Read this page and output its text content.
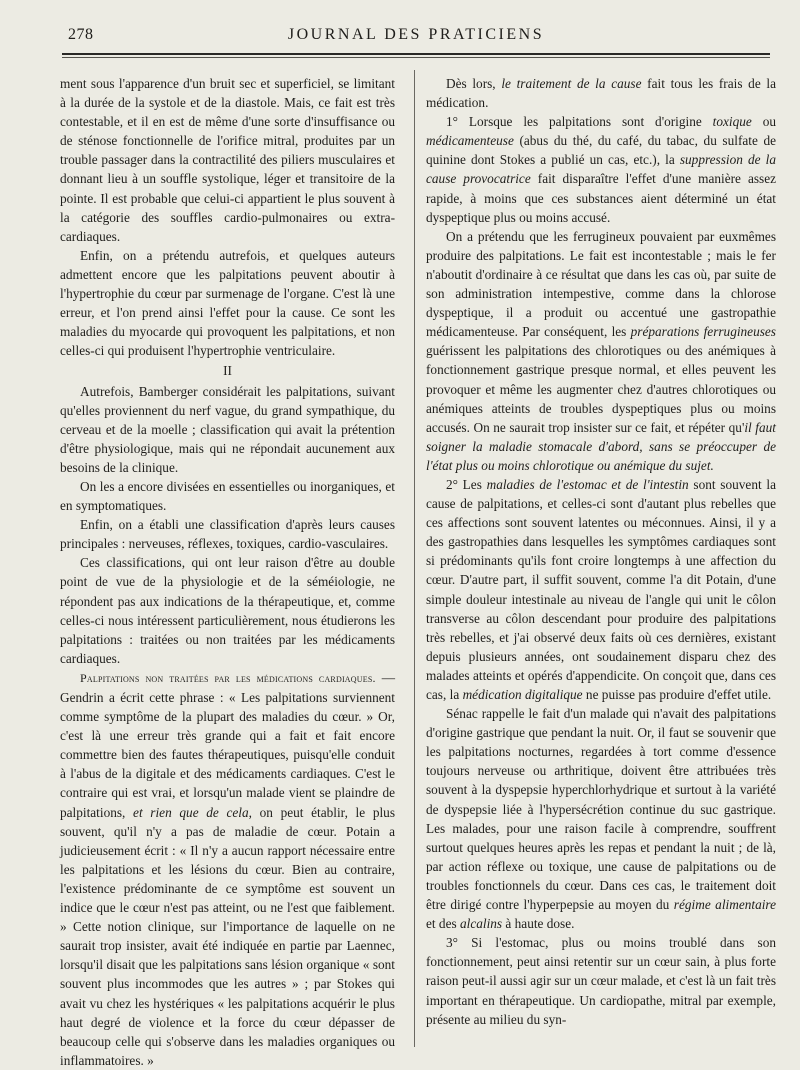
278	JOURNAL DES PRATICIENS

ment sous l'apparence d'un bruit sec et superficiel, se limitant à la durée de la systole et de la diastole. Mais, ce fait est très contestable, et il en est de même d'une sorte d'insuffisance ou de sténose fonctionnelle de l'orifice mitral, produites par un trouble passager dans la contractilité des piliers musculaires et donnant lieu à un souffle systolique, léger et transitoire de la pointe. Il est probable que celui-ci appartient le plus souvent à la catégorie des souffles cardio-pulmonaires ou extra-cardiaques.

Enfin, on a prétendu autrefois, et quelques auteurs admettent encore que les palpitations peuvent aboutir à l'hypertrophie du cœur par surmenage de l'organe. C'est là une erreur, et l'on prend ainsi l'effet pour la cause. Ce sont les maladies du myocarde qui provoquent les palpitations, et non celles-ci qui produisent l'hypertrophie ventriculaire.

II

Autrefois, Bamberger considérait les palpitations, suivant qu'elles proviennent du nerf vague, du grand sympathique, du cerveau et de la moelle ; classification qui avait la prétention d'être physiologique, mais qui ne répondait aucunement aux besoins de la clinique.

On les a encore divisées en essentielles ou inorganiques, et en symptomatiques.

Enfin, on a établi une classification d'après leurs causes principales : nerveuses, réflexes, toxiques, cardio-vasculaires.

Ces classifications, qui ont leur raison d'être au double point de vue de la physiologie et de la séméiologie, ne répondent pas aux indications de la thérapeutique, et, comme celles-ci nous intéressent particulièrement, nous étudierons les palpitations : traitées ou non traitées par les médicaments cardiaques.

Palpitations non traitées par les médications cardiaques. — Gendrin a écrit cette phrase : « Les palpitations surviennent comme symptôme de la plupart des maladies du cœur. » Or, c'est là une erreur très grande qui a fait et fait encore commettre bien des fautes thérapeutiques, puisqu'elle conduit à l'abus de la digitale et des médicaments cardiaques. C'est le contraire qui est vrai, et lorsqu'un malade vient se plaindre de palpitations, et rien que de cela, on peut établir, le plus souvent, qu'il n'y a pas de maladie de cœur. Potain a judicieusement écrit : « Il n'y a aucun rapport nécessaire entre les palpitations et les lésions du cœur. Bien au contraire, l'existence prédominante de ce symptôme est souvent un indice que le cœur n'est pas atteint, ou ne l'est que faiblement. » Cette notion clinique, sur l'importance de laquelle on ne saurait trop insister, avait été indiquée en partie par Laennec, lorsqu'il disait que les palpitations sans lésion organique « sont souvent plus incommodes que les autres » ; par Stokes qui avait vu chez les hystériques « les palpitations acquérir le plus haut degré de violence et la force du cœur dépasser de beaucoup celle qui s'observe dans les maladies organiques ou inflammatoires. »

Dès lors, le traitement de la cause fait tous les frais de la médication.

1° Lorsque les palpitations sont d'origine toxique ou médicamenteuse (abus du thé, du café, du tabac, du sulfate de quinine dont Stokes a publié un cas, etc.), la suppression de la cause provocatrice fait disparaître l'effet d'une manière assez rapide, à moins que ces substances aient déterminé un état dyspeptique plus ou moins accusé.

On a prétendu que les ferrugineux pouvaient par euxmêmes produire des palpitations. Le fait est incontestable ; mais le fer n'aboutit d'ordinaire à ce résultat que dans les cas où, par suite de son administration intempestive, comme dans la chlorose dyspeptique, il a produit ou accentué une gastropathie médicamenteuse. Par conséquent, les préparations ferrugineuses guérissent les palpitations des chlorotiques ou des anémiques à fonctionnement gastrique presque normal, et elles peuvent les provoquer et même les augmenter chez d'autres chlorotiques ou anémiques atteints de troubles dyspeptiques plus ou moins accusés. On ne saurait trop insister sur ce fait, et répéter qu'il faut soigner la maladie stomacale d'abord, sans se préoccuper de l'état plus ou moins chlorotique ou anémique du sujet.

2° Les maladies de l'estomac et de l'intestin sont souvent la cause de palpitations, et celles-ci sont d'autant plus rebelles que ces affections sont souvent latentes ou méconnues. Ainsi, il y a des gastropathies dans lesquelles les symptômes cardiaques sont si prédominants qu'ils font croire longtemps à une affection du cœur. D'autre part, il suffit souvent, comme l'a dit Potain, d'une simple douleur intestinale au niveau de l'angle qui unit le côlon transverse au côlon descendant pour produire des palpitations très rebelles, et j'ai observé deux faits où ces dernières, existant depuis plusieurs années, ont soudainement disparu chez des malades atteints et opérés d'appendicite. On conçoit que, dans ces cas, la médication digitalique ne puisse pas produire d'effet utile.

Sénac rappelle le fait d'un malade qui n'avait des palpitations d'origine gastrique que pendant la nuit. Or, il faut se souvenir que les palpitations nocturnes, regardées à tort comme d'essence toujours nerveuse ou arthritique, doivent être attribuées très souvent à la dyspepsie hyperchlorhydrique et surtout à la variété de dyspepsie liée à l'hypersécrétion continue du suc gastrique. Les malades, pour une raison facile à comprendre, souffrent surtout quelques heures après les repas et pendant la nuit ; de là, par action réflexe ou toxique, une cause de palpitations ou de troubles fonctionnels du cœur. Dans ces cas, le traitement doit être dirigé contre l'hyperpepsie au moyen du régime alimentaire et des alcalins à haute dose.

3° Si l'estomac, plus ou moins troublé dans son fonctionnement, peut ainsi retentir sur un cœur sain, à plus forte raison peut-il aussi agir sur un cœur malade, et c'est là un fait très important en thérapeutique. Un cardiopathe, mitral par exemple, présente au milieu du syn-
